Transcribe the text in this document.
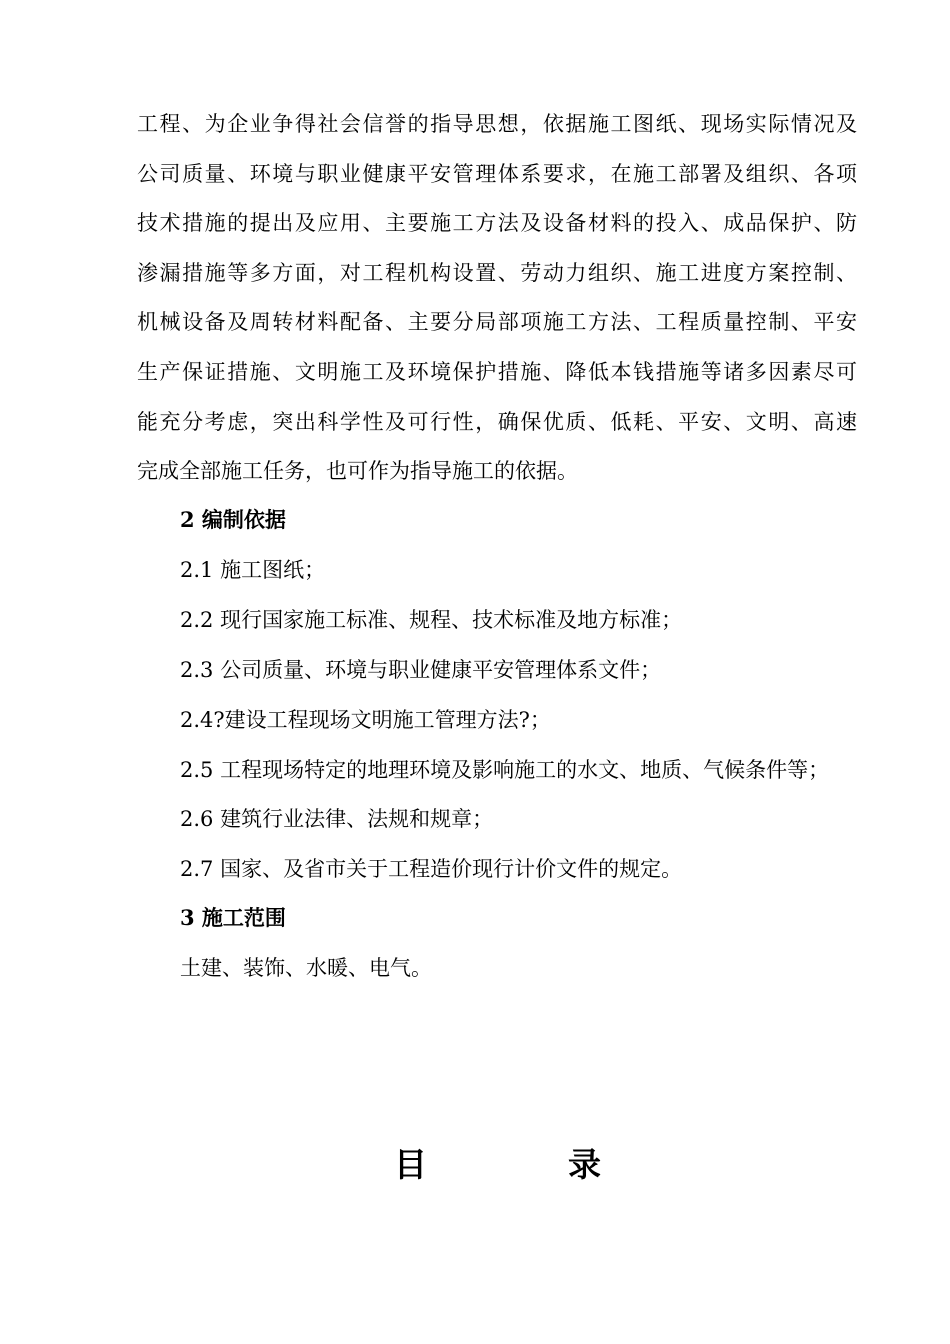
工程、为企业争得社会信誉的指导思想，依据施工图纸、现场实际情况及
公司质量、环境与职业健康平安管理体系要求，在施工部署及组织、各项
技术措施的提出及应用、主要施工方法及设备材料的投入、成品保护、防
渗漏措施等多方面，对工程机构设置、劳动力组织、施工进度方案控制、
机械设备及周转材料配备、主要分局部项施工方法、工程质量控制、平安
生产保证措施、文明施工及环境保护措施、降低本钱措施等诸多因素尽可
能充分考虑，突出科学性及可行性，确保优质、低耗、平安、文明、高速
完成全部施工任务，也可作为指导施工的依据。
2 编制依据
2.1 施工图纸；
2.2 现行国家施工标准、规程、技术标准及地方标准；
2.3 公司质量、环境与职业健康平安管理体系文件；
2.4?建设工程现场文明施工管理方法?；
2.5 工程现场特定的地理环境及影响施工的水文、地质、气候条件等；
2.6 建筑行业法律、法规和规章；
2.7 国家、及省市关于工程造价现行计价文件的规定。
3 施工范围
土建、装饰、水暖、电气。
目	录
